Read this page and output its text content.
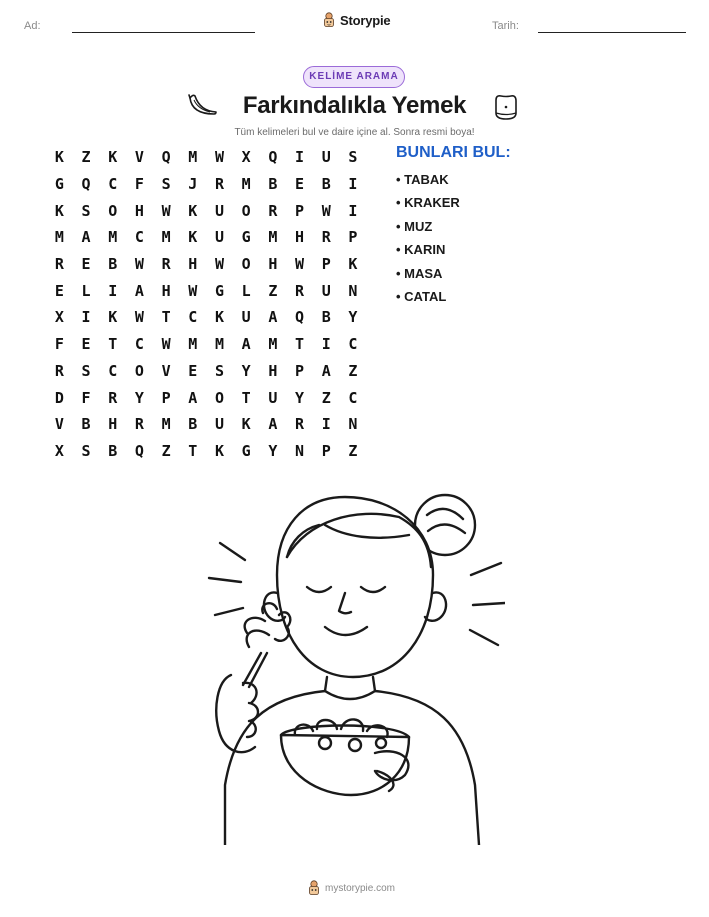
Ad:	Storypie	Tarih:
KELİME ARAMA
Farkındalıkla Yemek
Tüm kelimeleri bul ve daire içine al. Sonra resmi boya!
K	Z	K	V	Q	M	W	X	Q	I	U	S
G	Q	C	F	S	J	R	M	B	E	B	I
K	S	O	H	W	K	U	O	R	P	W	I
M	A	M	C	M	K	U	G	M	H	R	P
R	E	B	W	R	H	W	O	H	W	P	K
E	L	I	A	H	W	G	L	Z	R	U	N
X	I	K	W	T	C	K	U	A	Q	B	Y
F	E	T	C	W	M	M	A	M	T	I	C
R	S	C	O	V	E	S	Y	H	P	A	Z
D	F	R	Y	P	A	O	T	U	Y	Z	C
V	B	H	R	M	B	U	K	A	R	I	N
X	S	B	Q	Z	T	K	G	Y	N	P	Z
BUNLARI BUL:
• TABAK
• KRAKER
• MUZ
• KARIN
• MASA
• CATAL
mystorypie.com
